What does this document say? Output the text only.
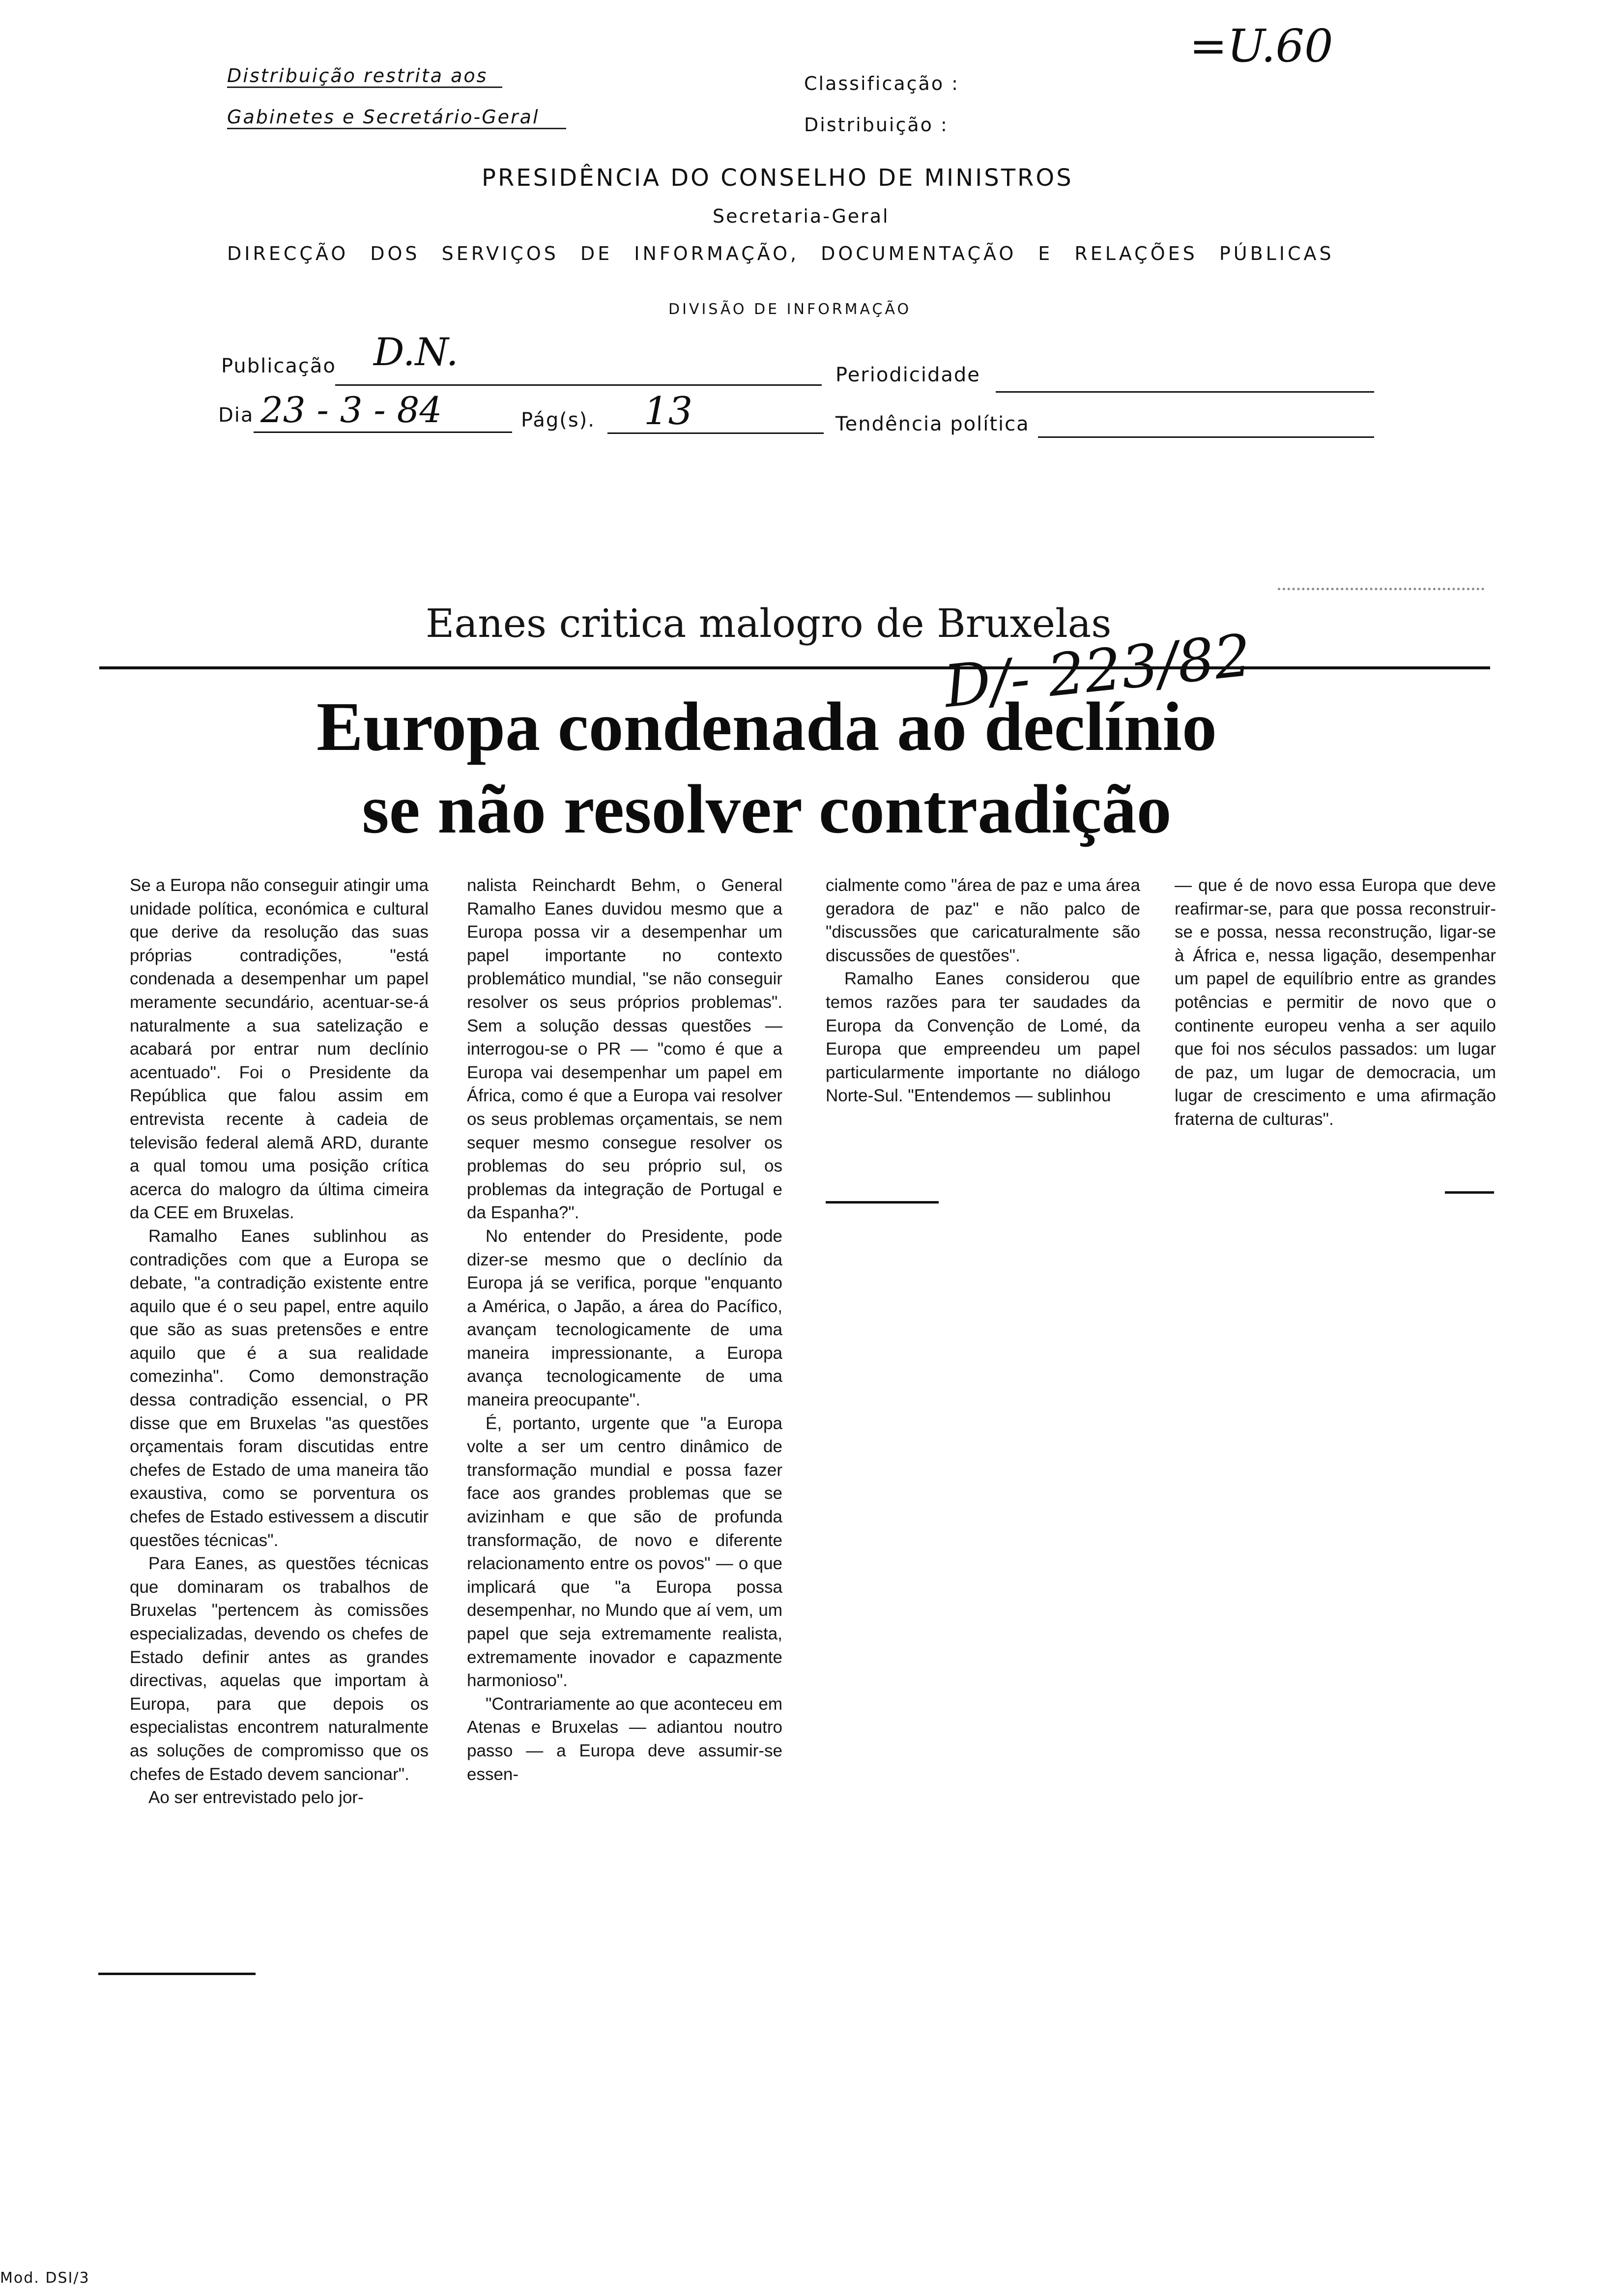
Distribuição restrita aos
Gabinetes e Secretário-Geral
Classificação :
Distribuição :
=U.60
PRESIDÊNCIA DO CONSELHO DE MINISTROS
Secretaria-Geral
DIRECÇÃO DOS SERVIÇOS DE INFORMAÇÃO, DOCUMENTAÇÃO E RELAÇÕES PÚBLICAS
DIVISÃO DE INFORMAÇÃO
Publicação D.N.
Periodicidade
Dia 23 - 3 - 84	Pág(s). 13	Tendência política
Eanes critica malogro de Bruxelas
D/- 223/82
Europa condenada ao declínio
se não resolver contradição

Se a Europa não conseguir atingir uma unidade política, económica e cultural que derive da resolução das suas próprias contradições, "está condenada a desempenhar um papel meramente secundário, acentuar-se-á naturalmente a sua satelização e acabará por entrar num declínio acentuado". Foi o Presidente da República que falou assim em entrevista recente à cadeia de televisão federal alemã ARD, durante a qual tomou uma posição crítica acerca do malogro da última cimeira da CEE em Bruxelas.

Ramalho Eanes sublinhou as contradições com que a Europa se debate, "a contradição existente entre aquilo que é o seu papel, entre aquilo que são as suas pretensões e entre aquilo que é a sua realidade comezinha". Como demonstração dessa contradição essencial, o PR disse que em Bruxelas "as questões orçamentais foram discutidas entre chefes de Estado de uma maneira tão exaustiva, como se porventura os chefes de Estado estivessem a discutir questões técnicas".

Para Eanes, as questões técnicas que dominaram os trabalhos de Bruxelas "pertencem às comissões especializadas, devendo os chefes de Estado definir antes as grandes directivas, aquelas que importam à Europa, para que depois os especialistas encontrem naturalmente as soluções de compromisso que os chefes de Estado devem sancionar".

Ao ser entrevistado pelo jor-

nalista Reinchardt Behm, o General Ramalho Eanes duvidou mesmo que a Europa possa vir a desempenhar um papel importante no contexto problemático mundial, "se não conseguir resolver os seus próprios problemas". Sem a solução dessas questões — interrogou-se o PR — "como é que a Europa vai desempenhar um papel em África, como é que a Europa vai resolver os seus problemas orçamentais, se nem sequer mesmo consegue resolver os problemas do seu próprio sul, os problemas da integração de Portugal e da Espanha?".

No entender do Presidente, pode dizer-se mesmo que o declínio da Europa já se verifica, porque "enquanto a América, o Japão, a área do Pacífico, avançam tecnologicamente de uma maneira impressionante, a Europa avança tecnologicamente de uma maneira preocupante".

É, portanto, urgente que "a Europa volte a ser um centro dinâmico de transformação mundial e possa fazer face aos grandes problemas que se avizinham e que são de profunda transformação, de novo e diferente relacionamento entre os povos" — o que implicará que "a Europa possa desempenhar, no Mundo que aí vem, um papel que seja extremamente realista, extremamente inovador e capazmente harmonioso".

"Contrariamente ao que aconteceu em Atenas e Bruxelas — adiantou noutro passo — a Europa deve assumir-se essen-

cialmente como "área de paz e uma área geradora de paz" e não palco de "discussões que caricaturalmente são discussões de questões".

Ramalho Eanes considerou que temos razões para ter saudades da Europa da Convenção de Lomé, da Europa que empreendeu um papel particularmente importante no diálogo Norte-Sul. "Entendemos — sublinhou

— que é de novo essa Europa que deve reafirmar-se, para que possa reconstruir-se e possa, nessa reconstrução, ligar-se à África e, nessa ligação, desempenhar um papel de equilíbrio entre as grandes potências e permitir de novo que o continente europeu venha a ser aquilo que foi nos séculos passados: um lugar de paz, um lugar de democracia, um lugar de crescimento e uma afirmação fraterna de culturas".

Mod. DSI/3
